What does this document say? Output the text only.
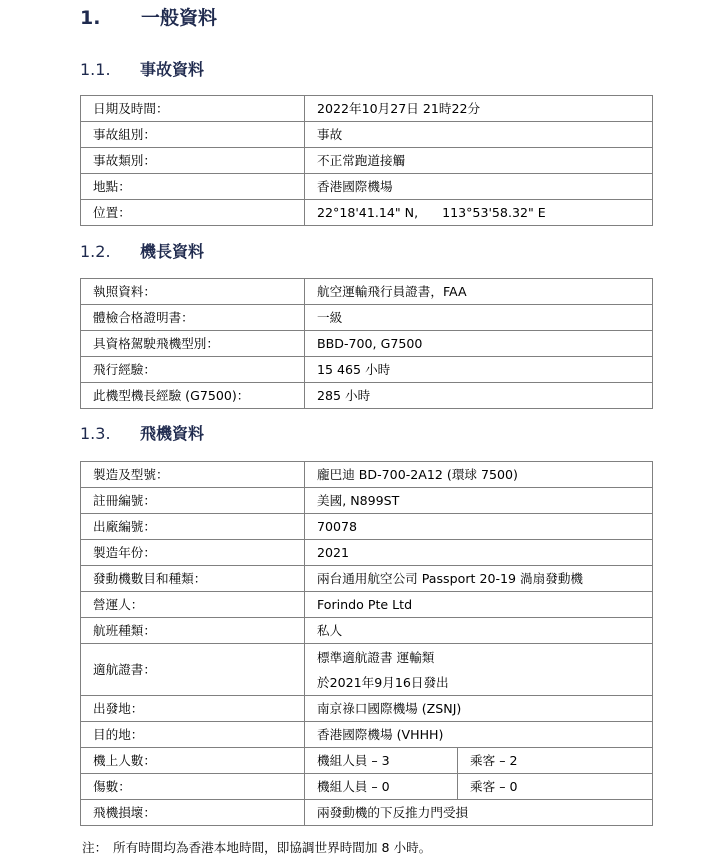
1. 一般資料
1.1. 事故資料
日期及時間：	2022年10月27日 21時22分
事故組別：	事故
事故類別：	不正常跑道接觸
地點：	香港國際機場
位置：	22°18'41.14" N,      113°53'58.32" E
1.2. 機長資料
執照資料：	航空運輸飛行員證書，FAA
體檢合格證明書：	一級
具資格駕駛飛機型別：	BBD-700, G7500
飛行經驗：	15 465 小時
此機型機長經驗 (G7500)：	285 小時
1.3. 飛機資料
製造及型號：	龐巴迪 BD-700-2A12 (環球 7500)
註冊編號：	美國, N899ST
出廠編號：	70078
製造年份：	2021
發動機數目和種類：	兩台通用航空公司 Passport 20-19 渦扇發動機
營運人：	Forindo Pte Ltd
航班種類：	私人
適航證書：	標準適航證書 運輸類
於2021年9月16日發出

出發地：	南京祿口國際機場 (ZSNJ)
目的地：	香港國際機場 (VHHH)
機上人數：	機組人員 – 3 乘客 – 2

傷數：	機組人員 – 0 乘客 – 0

飛機損壞：	兩發動機的下反推力門受損
注： 所有時間均為香港本地時間，即協調世界時間加 8 小時。
